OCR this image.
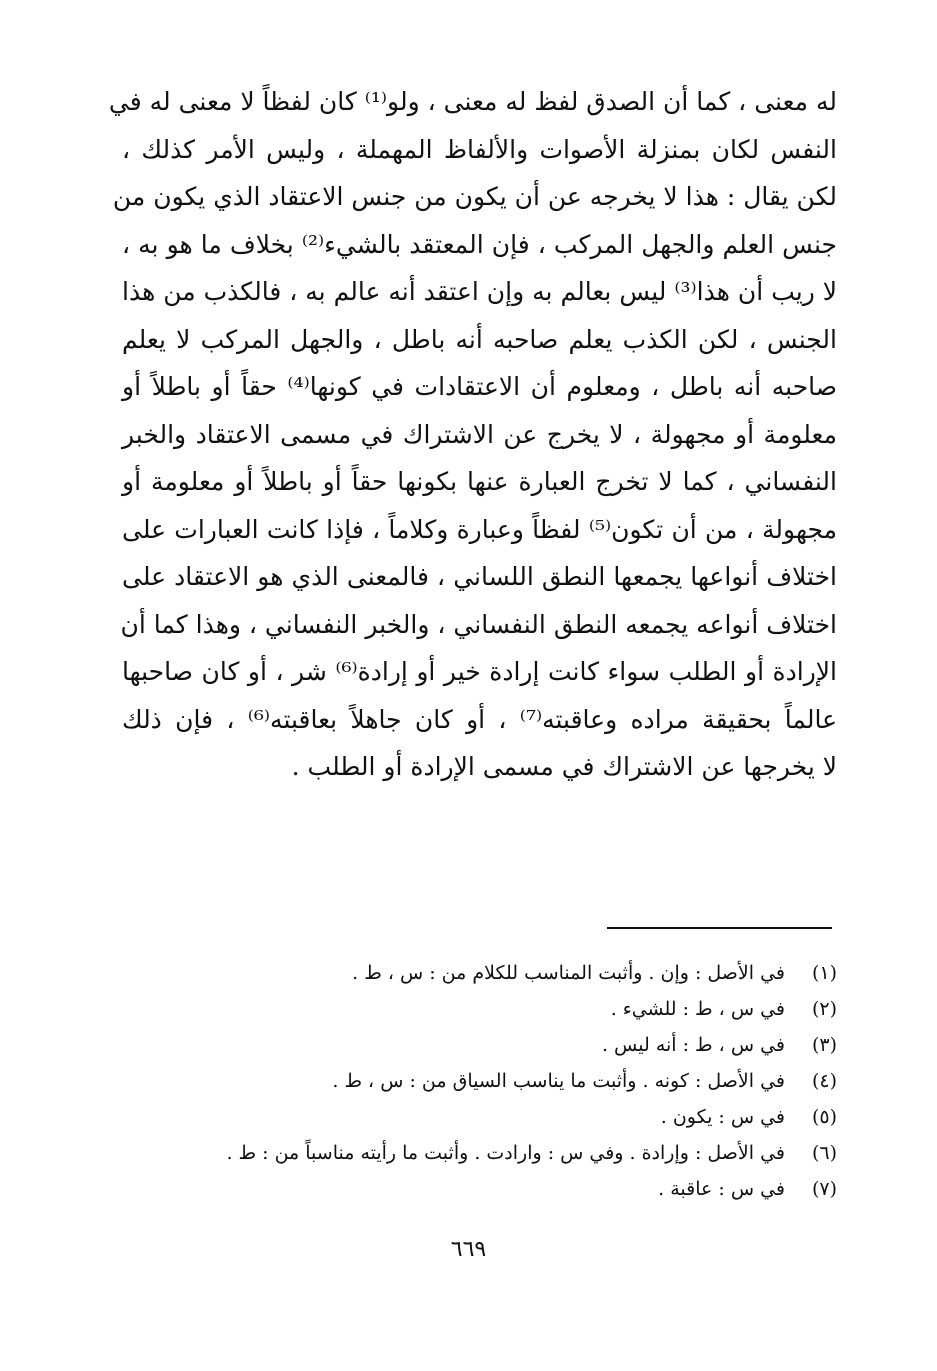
له معنى ، كما أن الصدق لفظ له معنى ، ولو⁽¹⁾ كان لفظاً لا معنى له في
النفس لكان بمنزلة الأصوات والألفاظ المهملة ، وليس الأمر كذلك ،
لكن يقال : هذا لا يخرجه عن أن يكون من جنس الاعتقاد الذي يكون من
جنس العلم والجهل المركب ، فإن المعتقد بالشيء⁽²⁾ بخلاف ما هو به ،
لا ريب أن هذا⁽³⁾ ليس بعالم به وإن اعتقد أنه عالم به ، فالكذب من هذا
الجنس ، لكن الكذب يعلم صاحبه أنه باطل ، والجهل المركب لا يعلم
صاحبه أنه باطل ، ومعلوم أن الاعتقادات في كونها⁽⁴⁾ حقاً أو باطلاً أو
معلومة أو مجهولة ، لا يخرج عن الاشتراك في مسمى الاعتقاد والخبر
النفساني ، كما لا تخرج العبارة عنها بكونها حقاً أو باطلاً أو معلومة أو
مجهولة ، من أن تكون⁽⁵⁾ لفظاً وعبارة وكلاماً ، فإذا كانت العبارات على
اختلاف أنواعها يجمعها النطق اللساني ، فالمعنى الذي هو الاعتقاد على
اختلاف أنواعه يجمعه النطق النفساني ، والخبر النفساني ، وهذا كما أن
الإرادة أو الطلب سواء كانت إرادة خير أو إرادة⁽⁶⁾ شر ، أو كان صاحبها
عالماً بحقيقة مراده وعاقبته⁽⁷⁾ ، أو كان جاهلاً بعاقبته⁽⁶⁾ ، فإن ذلك
لا يخرجها عن الاشتراك في مسمى الإرادة أو الطلب .
(١)
في الأصل : وإن . وأثبت المناسب للكلام من : س ، ط .
(٢)
في س ، ط : للشيء .
(٣)
في س ، ط : أنه ليس .
(٤)
في الأصل : كونه . وأثبت ما يناسب السياق من : س ، ط .
(٥)
في س : يكون .
(٦)
في الأصل : وإرادة . وفي س : وارادت . وأثبت ما رأيته مناسباً من : ط .
(٧)
في س : عاقبة .
٦٦٩
